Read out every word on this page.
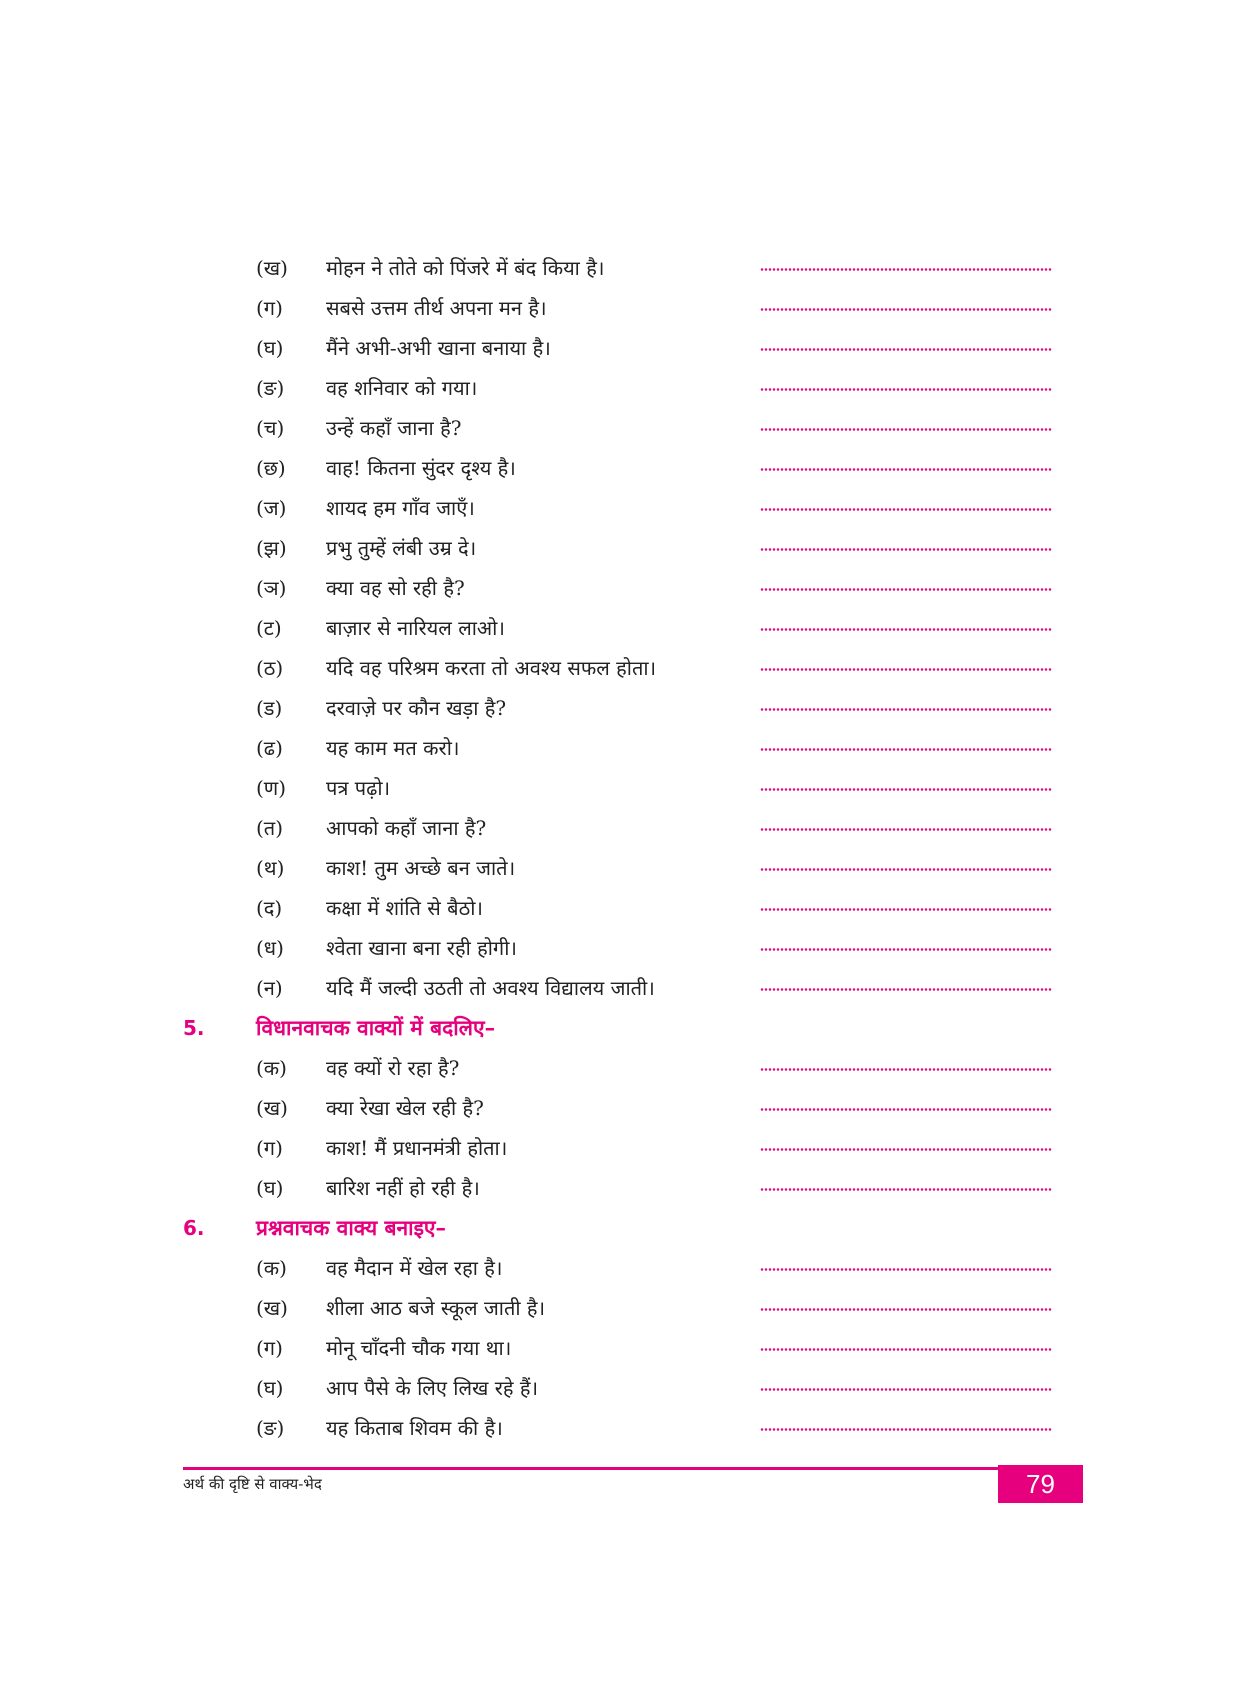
(ख) मोहन ने तोते को पिंजरे में बंद किया है।
(ग) सबसे उत्तम तीर्थ अपना मन है।
(घ) मैंने अभी-अभी खाना बनाया है।
(ङ) वह शनिवार को गया।
(च) उन्हें कहाँ जाना है?
(छ) वाह! कितना सुंदर दृश्य है।
(ज) शायद हम गाँव जाएँ।
(झ) प्रभु तुम्हें लंबी उम्र दे।
(ञ) क्या वह सो रही है?
(ट) बाज़ार से नारियल लाओ।
(ठ) यदि वह परिश्रम करता तो अवश्य सफल होता।
(ड) दरवाज़े पर कौन खड़ा है?
(ढ) यह काम मत करो।
(ण) पत्र पढ़ो।
(त) आपको कहाँ जाना है?
(थ) काश! तुम अच्छे बन जाते।
(द) कक्षा में शांति से बैठो।
(ध) श्वेता खाना बना रही होगी।
(न) यदि मैं जल्दी उठती तो अवश्य विद्यालय जाती।
5. विधानवाचक वाक्यों में बदलिए–
(क) वह क्यों रो रहा है?
(ख) क्या रेखा खेल रही है?
(ग) काश! मैं प्रधानमंत्री होता।
(घ) बारिश नहीं हो रही है।
6. प्रश्नवाचक वाक्य बनाइए–
(क) वह मैदान में खेल रहा है।
(ख) शीला आठ बजे स्कूल जाती है।
(ग) मोनू चाँदनी चौक गया था।
(घ) आप पैसे के लिए लिख रहे हैं।
(ङ) यह किताब शिवम की है।
अर्थ की दृष्टि से वाक्य-भेद	79
